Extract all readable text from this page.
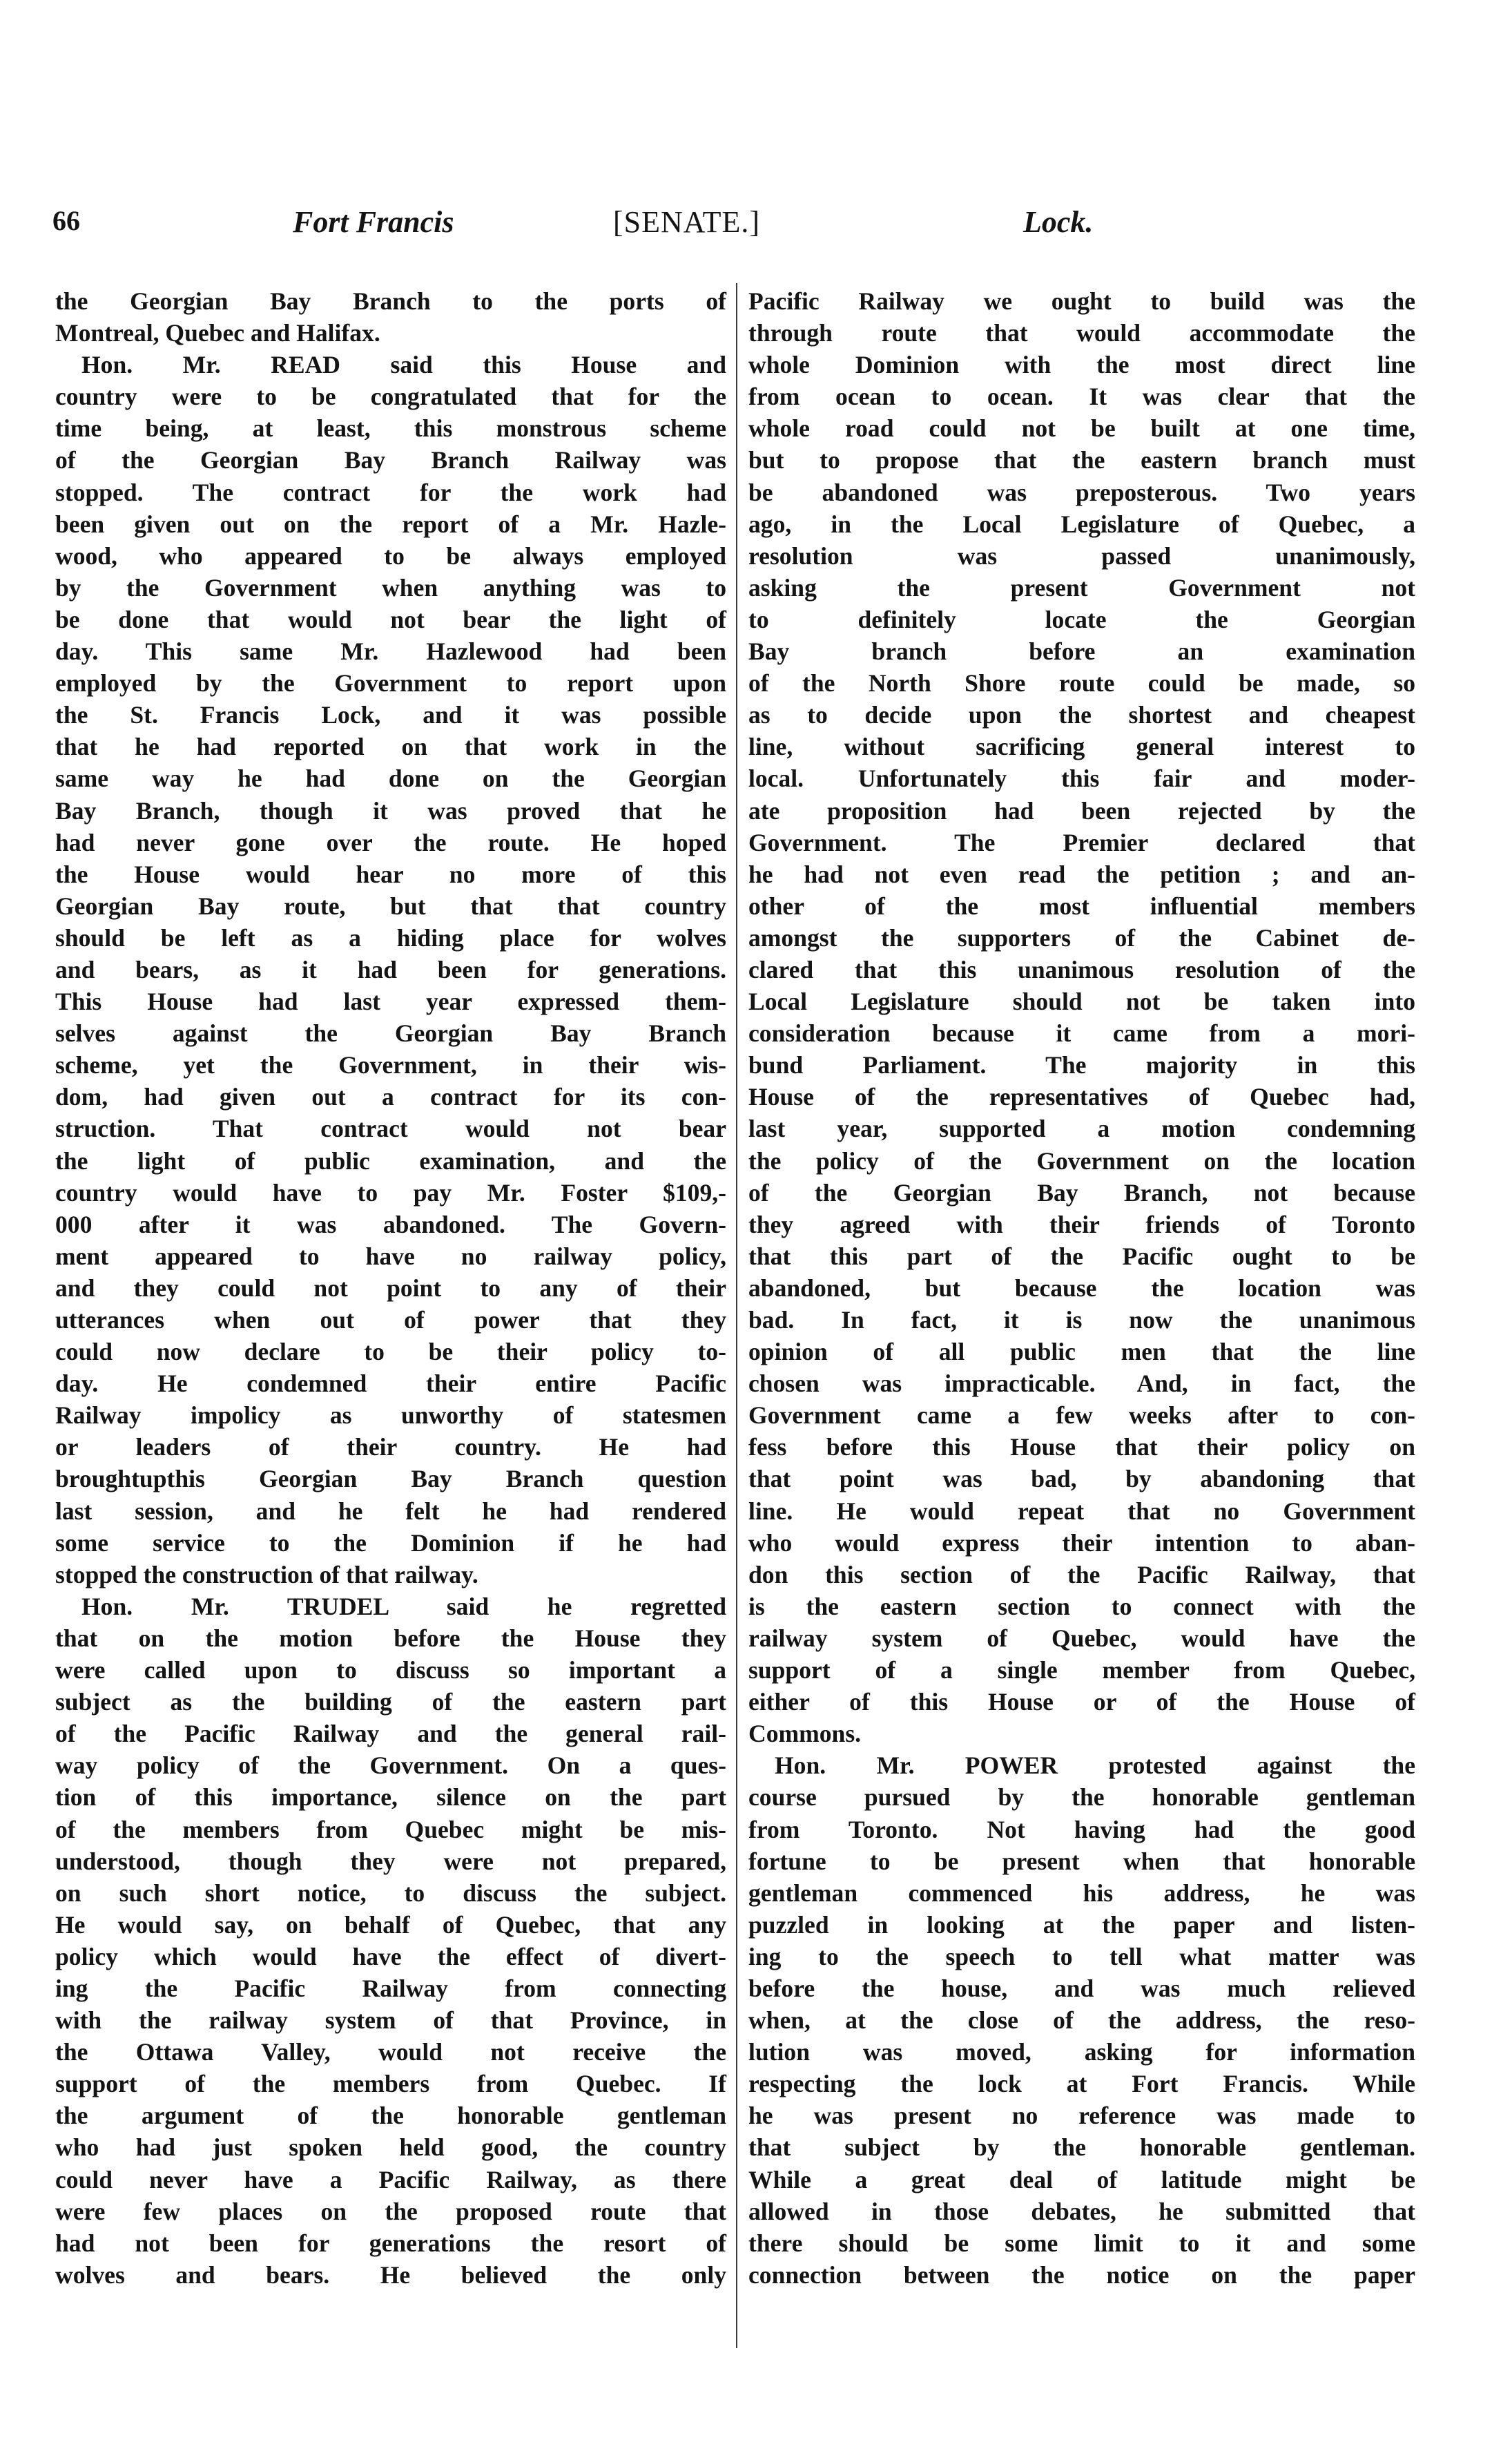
66	Fort Francis	[SENATE.]	Lock.
the Georgian Bay Branch to the ports of
Montreal, Quebec and Halifax.
Hon. Mr. READ said this House and
country were to be congratulated that for the
time being, at least, this monstrous scheme
of the Georgian Bay Branch Railway was
stopped. The contract for the work had
been given out on the report of a Mr. Hazle-
wood, who appeared to be always employed
by the Government when anything was to
be done that would not bear the light of
day. This same Mr. Hazlewood had been
employed by the Government to report upon
the St. Francis Lock, and it was possible
that he had reported on that work in the
same way he had done on the Georgian
Bay Branch, though it was proved that he
had never gone over the route. He hoped
the House would hear no more of this
Georgian Bay route, but that that country
should be left as a hiding place for wolves
and bears, as it had been for generations.
This House had last year expressed them-
selves against the Georgian Bay Branch
scheme, yet the Government, in their wis-
dom, had given out a contract for its con-
struction. That contract would not bear
the light of public examination, and the
country would have to pay Mr. Foster $109,-
000 after it was abandoned. The Govern-
ment appeared to have no railway policy,
and they could not point to any of their
utterances when out of power that they
could now declare to be their policy to-
day. He condemned their entire Pacific
Railway impolicy as unworthy of statesmen
or leaders of their country. He had
broughtupthis Georgian Bay Branch question
last session, and he felt he had rendered
some service to the Dominion if he had
stopped the construction of that railway.
Hon. Mr. TRUDEL said he regretted
that on the motion before the House they
were called upon to discuss so important a
subject as the building of the eastern part
of the Pacific Railway and the general rail-
way policy of the Government. On a ques-
tion of this importance, silence on the part
of the members from Quebec might be mis-
understood, though they were not prepared,
on such short notice, to discuss the subject.
He would say, on behalf of Quebec, that any
policy which would have the effect of divert-
ing the Pacific Railway from connecting
with the railway system of that Province, in
the Ottawa Valley, would not receive the
support of the members from Quebec. If
the argument of the honorable gentleman
who had just spoken held good, the country
could never have a Pacific Railway, as there
were few places on the proposed route that
had not been for generations the resort of
wolves and bears. He believed the only
Pacific Railway we ought to build was the
through route that would accommodate the
whole Dominion with the most direct line
from ocean to ocean. It was clear that the
whole road could not be built at one time,
but to propose that the eastern branch must
be abandoned was preposterous. Two years
ago, in the Local Legislature of Quebec, a
resolution was passed unanimously,
asking the present Government not
to definitely locate the Georgian
Bay branch before an examination
of the North Shore route could be made, so
as to decide upon the shortest and cheapest
line, without sacrificing general interest to
local. Unfortunately this fair and moder-
ate proposition had been rejected by the
Government. The Premier declared that
he had not even read the petition ; and an-
other of the most influential members
amongst the supporters of the Cabinet de-
clared that this unanimous resolution of the
Local Legislature should not be taken into
consideration because it came from a mori-
bund Parliament. The majority in this
House of the representatives of Quebec had,
last year, supported a motion condemning
the policy of the Government on the location
of the Georgian Bay Branch, not because
they agreed with their friends of Toronto
that this part of the Pacific ought to be
abandoned, but because the location was
bad. In fact, it is now the unanimous
opinion of all public men that the line
chosen was impracticable. And, in fact, the
Government came a few weeks after to con-
fess before this House that their policy on
that point was bad, by abandoning that
line. He would repeat that no Government
who would express their intention to aban-
don this section of the Pacific Railway, that
is the eastern section to connect with the
railway system of Quebec, would have the
support of a single member from Quebec,
either of this House or of the House of
Commons.
Hon. Mr. POWER protested against the
course pursued by the honorable gentleman
from Toronto. Not having had the good
fortune to be present when that honorable
gentleman commenced his address, he was
puzzled in looking at the paper and listen-
ing to the speech to tell what matter was
before the house, and was much relieved
when, at the close of the address, the reso-
lution was moved, asking for information
respecting the lock at Fort Francis. While
he was present no reference was made to
that subject by the honorable gentleman.
While a great deal of latitude might be
allowed in those debates, he submitted that
there should be some limit to it and some
connection between the notice on the paper
